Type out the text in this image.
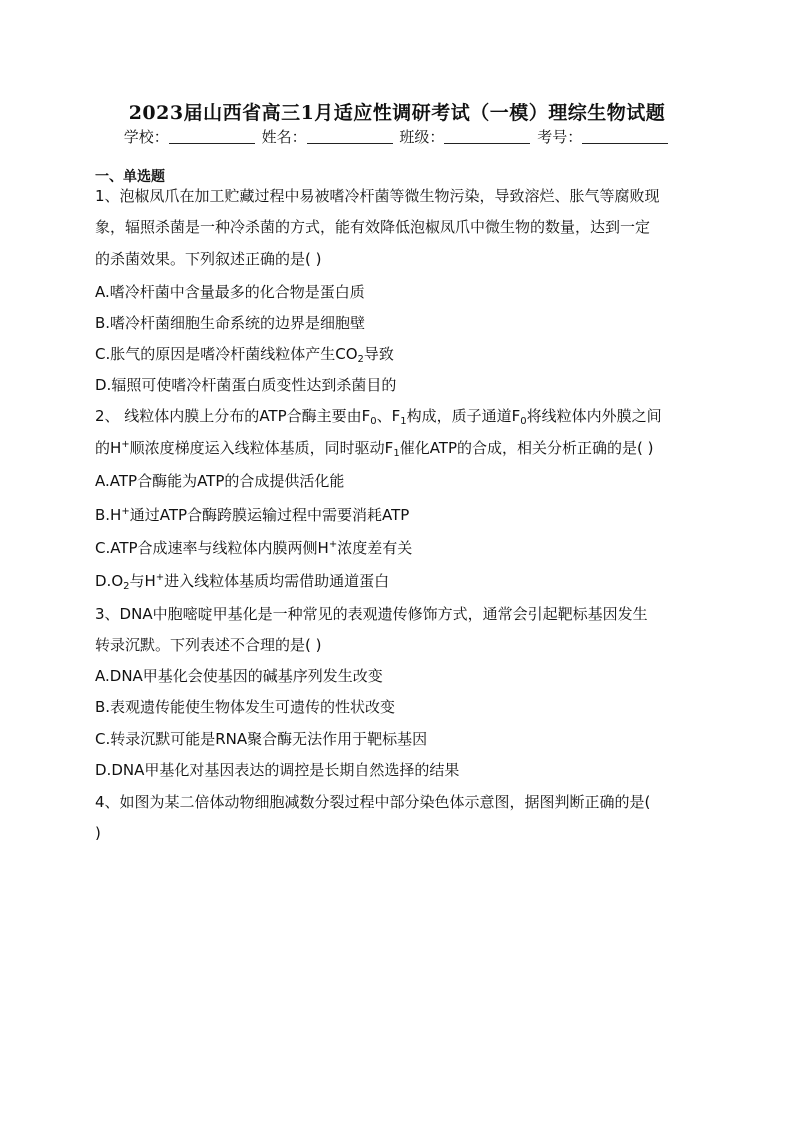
2023届山西省高三1月适应性调研考试（一模）理综生物试题
学校：	姓名：	班级：	考号：
一、单选题
1、泡椒凤爪在加工贮藏过程中易被嗜冷杆菌等微生物污染，导致溶烂、胀气等腐败现
象，辐照杀菌是一种冷杀菌的方式，能有效降低泡椒凤爪中微生物的数量，达到一定
的杀菌效果。下列叙述正确的是( )
A.嗜冷杆菌中含量最多的化合物是蛋白质
B.嗜冷杆菌细胞生命系统的边界是细胞壁
C.胀气的原因是嗜冷杆菌线粒体产生$CO_2$导致
D.辐照可使嗜冷杆菌蛋白质变性达到杀菌目的
2、 线粒体内膜上分布的ATP合酶主要由$F_0$、$F_1$构成，质子通道$F_0$将线粒体内外膜之间
的H+顺浓度梯度运入线粒体基质，同时驱动$F_1$催化ATP的合成，相关分析正确的是( )
A.ATP合酶能为ATP的合成提供活化能
B.H+通过ATP合酶跨膜运输过程中需要消耗ATP
C.ATP合成速率与线粒体内膜两侧H+浓度差有关
$D.O_2$与H+进入线粒体基质均需借助通道蛋白
3、DNA中胞嘧啶甲基化是一种常见的表观遗传修饰方式，通常会引起靶标基因发生
转录沉默。下列表述不合理的是( )
A.DNA甲基化会使基因的碱基序列发生改变
B.表观遗传能使生物体发生可遗传的性状改变
C.转录沉默可能是RNA聚合酶无法作用于靶标基因
D.DNA甲基化对基因表达的调控是长期自然选择的结果
4、如图为某二倍体动物细胞减数分裂过程中部分染色体示意图，据图判断正确的是(
)
